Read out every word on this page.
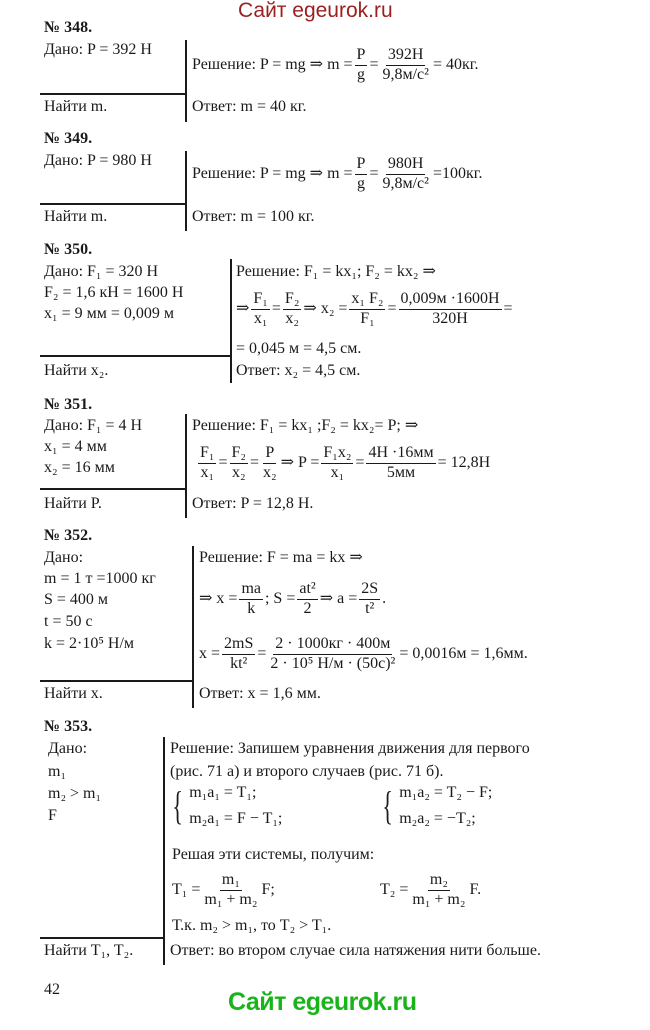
Сайт egeurok.ru
№ 348.
Дано: P = 392 Н
Решение: P = mg ⇒ $m = \frac{P}{g} = \frac{392Н}{\text{9,8м/с²}} = 40кг$.
Найти m.	Ответ: m = 40 кг.
№ 349.
Дано: P = 980 Н
Решение: P = mg ⇒ $m = \frac{P}{g} = \frac{980Н}{\text{9,8м/с²}} =100кг$.
Найти m.	Ответ: m = 100 кг.
№ 350.
Дано: F₁ = 320 Н
F₂ = 1,6 кН = 1600 Н
x₁ = 9 мм = 0,009 м
Решение: F₁ = kx₁; F₂ = kx₂ ⇒
⇒ $\frac{\text{F₁}}{\text{x₁}} = \frac{\text{F₂}}{\text{x₂}}$ ⇒ $x_2 = \frac{\text{x₁ F₂}}{\text{F₁}} = \frac{0,009м \cdot 1600Н}{320Н}$ =
= 0,045 м = 4,5 см.
Найти x₂.	Ответ: x₂ = 4,5 см.
№ 351.
Дано: F₁ = 4 Н
x₁ = 4 мм
x₂ = 16 мм
Решение: F₁ = kx₁ ;F₂ = kx₂= P; ⇒
$\frac{\text{F₁}}{\text{x₁}} = \frac{\text{F₂}}{\text{x₂}} = \frac{P}{\text{x₂}}$ ⇒ $P = \frac{\text{F₁x₂}}{\text{x₁}} = \frac{4Н \cdot 16мм}{5мм} = 12,8Н$
Найти P.	Ответ: P = 12,8 Н.
№ 352.
Дано:
m = 1 т =1000 кг
S = 400 м
t = 50 с
k = 2·10⁵ Н/м
Решение: F = ma = kx ⇒
⇒ $x = \frac{ma}{k}$ ; $S = \frac{\text{at²}}{2}$ ⇒ $a = \frac{2S}{\text{t²}}$ .
$x = \frac{2mS}{\text{kt²}} = \frac{2 \cdot 1000кг \cdot 400м}{\text{2 · 10⁵ Н/м · (50с)²}} = 0,0016м = 1,6мм$.
Найти x.	Ответ: x = 1,6 мм.
№ 353.
Дано:
m₁
m₂ > m₁
F
Решение: Запишем уравнения движения для первого
(рис. 71 а) и второго случаев (рис. 71 б).
{ m₁a₁ = T₁;
m₂a₁ = F − T₁; { m₁a₂ = T₂ − F;
m₂a₂ = −T₂;
Решая эти системы, получим:
$T_1 = \frac{\text{m₁}}{\text{m₁ + m₂}} F$;	$T_2 = \frac{\text{m₂}}{\text{m₁ + m₂}} F$.
Т.к. m₂ > m₁, то T₂ > T₁.
Найти T₁, T₂. Ответ: во втором случае сила натяжения нити больше.
42	Сайт egeurok.ru
